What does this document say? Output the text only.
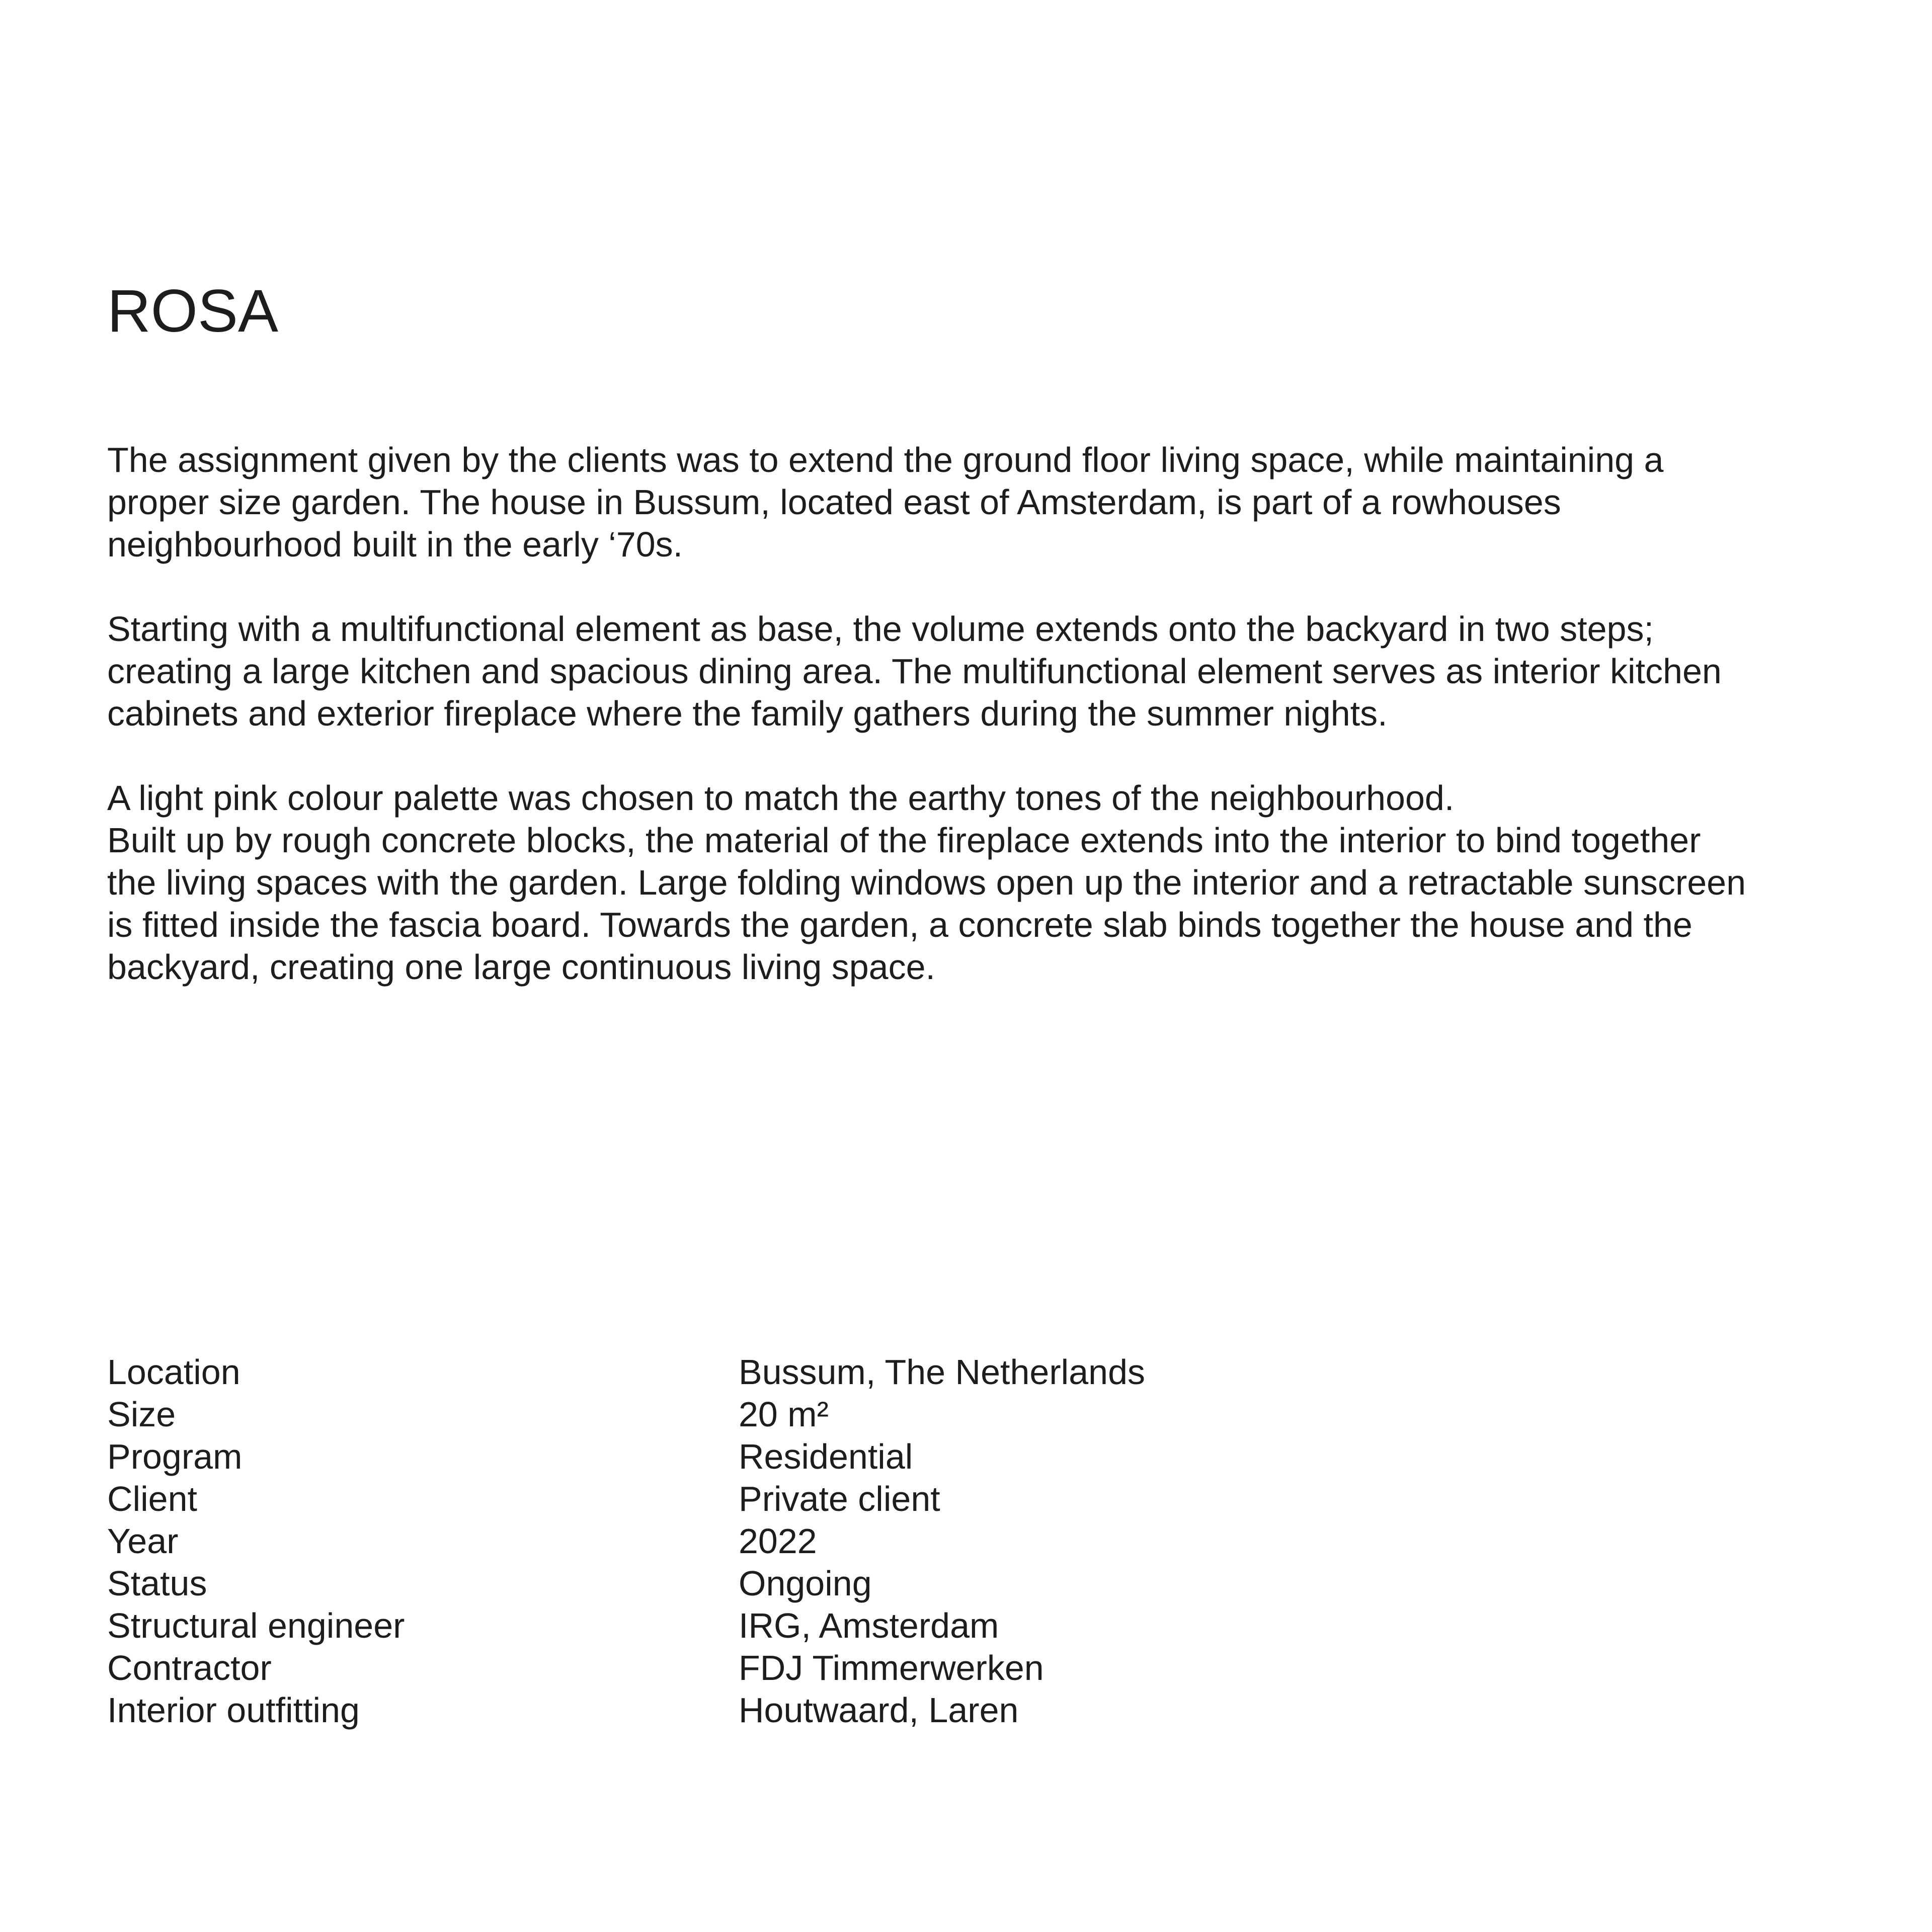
ROSA

The assignment given by the clients was to extend the ground floor living space, while maintaining a
proper size garden. The house in Bussum, located east of Amsterdam, is part of a rowhouses
neighbourhood built in the early ‘70s.

Starting with a multifunctional element as base, the volume extends onto the backyard in two steps;
creating a large kitchen and spacious dining area. The multifunctional element serves as interior kitchen
cabinets and exterior fireplace where the family gathers during the summer nights.

A light pink colour palette was chosen to match the earthy tones of the neighbourhood.
Built up by rough concrete blocks, the material of the fireplace extends into the interior to bind together
the living spaces with the garden. Large folding windows open up the interior and a retractable sunscreen
is fitted inside the fascia board. Towards the garden, a concrete slab binds together the house and the
backyard, creating one large continuous living space.

Location	Bussum, The Netherlands
Size	20 m²
Program	Residential
Client	Private client
Year	2022
Status	Ongoing
Structural engineer	IRG, Amsterdam
Contractor	FDJ Timmerwerken
Interior outfitting	Houtwaard, Laren
